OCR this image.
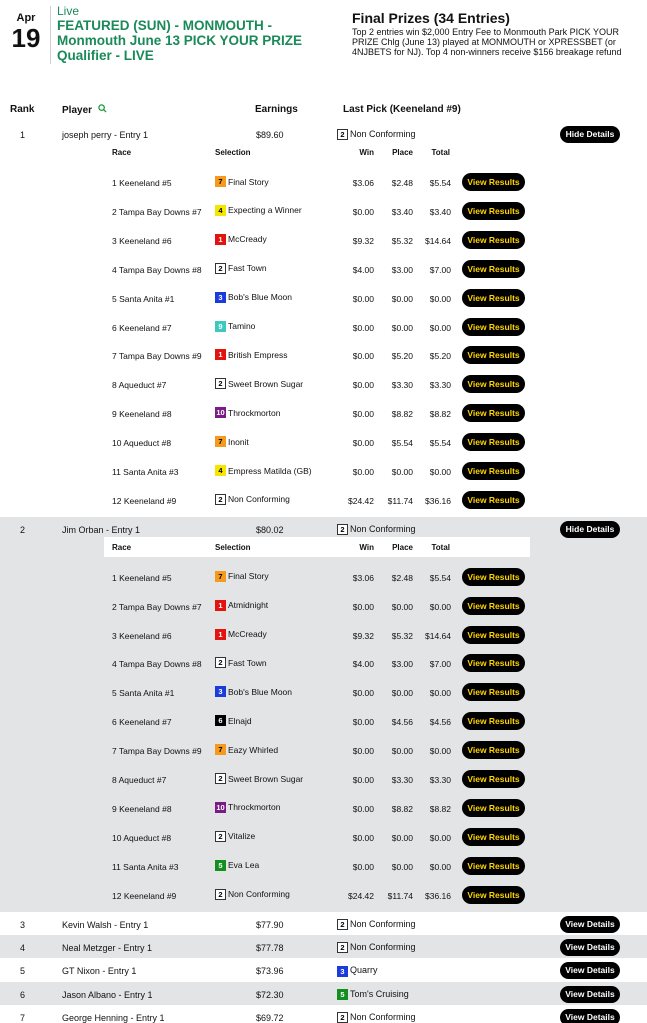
Apr
19
Live
FEATURED (SUN) - MONMOUTH - Monmouth June 13 PICK YOUR PRIZE Qualifier - LIVE
Final Prizes (34 Entries)
Top 2 entries win $2,000 Entry Fee to Monmouth Park PICK YOUR PRIZE Chlg (June 13) played at MONMOUTH or XPRESSBET (or 4NJBETS for NJ). Top 4 non-winners receive $156 breakage refund
Rank	Player	Earnings	Last Pick (Keeneland #9)
1	joseph perry - Entry 1	$89.60	2 Non Conforming	Hide Details
Race	Selection	Win	Place	Total
1 Keeneland #5	7 Final Story	$3.06	$2.48	$5.54	View Results
2 Tampa Bay Downs #7	4 Expecting a Winner	$0.00	$3.40	$3.40	View Results
3 Keeneland #6	1 McCready	$9.32	$5.32	$14.64	View Results
4 Tampa Bay Downs #8	2 Fast Town	$4.00	$3.00	$7.00	View Results
5 Santa Anita #1	3 Bob's Blue Moon	$0.00	$0.00	$0.00	View Results
6 Keeneland #7	9 Tamino	$0.00	$0.00	$0.00	View Results
7 Tampa Bay Downs #9	1 British Empress	$0.00	$5.20	$5.20	View Results
8 Aqueduct #7	2 Sweet Brown Sugar	$0.00	$3.30	$3.30	View Results
9 Keeneland #8	10 Throckmorton	$0.00	$8.82	$8.82	View Results
10 Aqueduct #8	7 Inonit	$0.00	$5.54	$5.54	View Results
11 Santa Anita #3	4 Empress Matilda (GB)	$0.00	$0.00	$0.00	View Results
12 Keeneland #9	2 Non Conforming	$24.42	$11.74	$36.16	View Results
2	Jim Orban - Entry 1	$80.02	2 Non Conforming	Hide Details
Race	Selection	Win	Place	Total
1 Keeneland #5	7 Final Story	$3.06	$2.48	$5.54	View Results
2 Tampa Bay Downs #7	1 Atmidnight	$0.00	$0.00	$0.00	View Results
3 Keeneland #6	1 McCready	$9.32	$5.32	$14.64	View Results
4 Tampa Bay Downs #8	2 Fast Town	$4.00	$3.00	$7.00	View Results
5 Santa Anita #1	3 Bob's Blue Moon	$0.00	$0.00	$0.00	View Results
6 Keeneland #7	6 Elnajd	$0.00	$4.56	$4.56	View Results
7 Tampa Bay Downs #9	7 Eazy Whirled	$0.00	$0.00	$0.00	View Results
8 Aqueduct #7	2 Sweet Brown Sugar	$0.00	$3.30	$3.30	View Results
9 Keeneland #8	10 Throckmorton	$0.00	$8.82	$8.82	View Results
10 Aqueduct #8	2 Vitalize	$0.00	$0.00	$0.00	View Results
11 Santa Anita #3	5 Eva Lea	$0.00	$0.00	$0.00	View Results
12 Keeneland #9	2 Non Conforming	$24.42	$11.74	$36.16	View Results
3	Kevin Walsh - Entry 1	$77.90	2 Non Conforming	View Details
4	Neal Metzger - Entry 1	$77.78	2 Non Conforming	View Details
5	GT Nixon - Entry 1	$73.96	3 Quarry	View Details
6	Jason Albano - Entry 1	$72.30	5 Tom's Cruising	View Details
7	George Henning - Entry 1	$69.72	2 Non Conforming	View Details
